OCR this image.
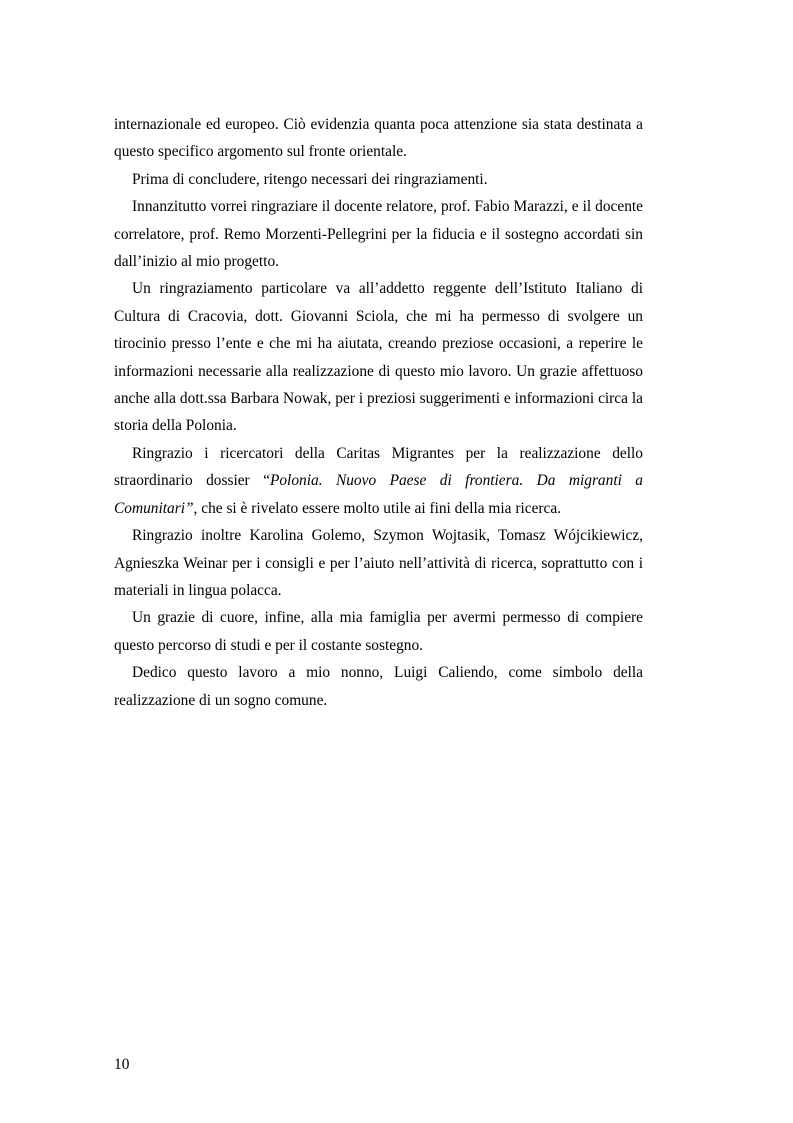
internazionale ed europeo. Ciò evidenzia quanta poca attenzione sia stata destinata a questo specifico argomento sul fronte orientale.

Prima di concludere, ritengo necessari dei ringraziamenti.

Innanzitutto vorrei ringraziare il docente relatore, prof. Fabio Marazzi, e il docente correlatore, prof. Remo Morzenti-Pellegrini per la fiducia e il sostegno accordati sin dall’inizio al mio progetto.

Un ringraziamento particolare va all’addetto reggente dell’Istituto Italiano di Cultura di Cracovia, dott. Giovanni Sciola, che mi ha permesso di svolgere un tirocinio presso l’ente e che mi ha aiutata, creando preziose occasioni, a reperire le informazioni necessarie alla realizzazione di questo mio lavoro. Un grazie affettuoso anche alla dott.ssa Barbara Nowak, per i preziosi suggerimenti e informazioni circa la storia della Polonia.

Ringrazio i ricercatori della Caritas Migrantes per la realizzazione dello straordinario dossier “Polonia. Nuovo Paese di frontiera. Da migranti a Comunitari”, che si è rivelato essere molto utile ai fini della mia ricerca.

Ringrazio inoltre Karolina Golemo, Szymon Wojtasik, Tomasz Wójcikiewicz, Agnieszka Weinar per i consigli e per l’aiuto nell’attività di ricerca, soprattutto con i materiali in lingua polacca.

Un grazie di cuore, infine, alla mia famiglia per avermi permesso di compiere questo percorso di studi e per il costante sostegno.

Dedico questo lavoro a mio nonno, Luigi Caliendo, come simbolo della realizzazione di un sogno comune.

10
